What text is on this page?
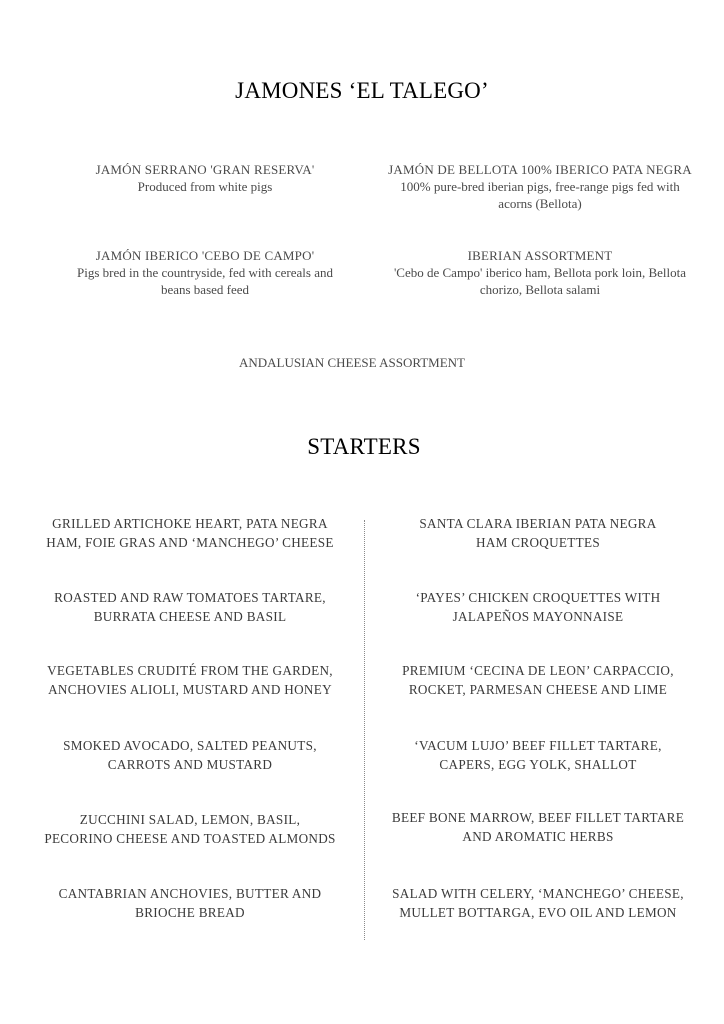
JAMONES ‘EL TALEGO’
JAMÓN SERRANO 'GRAN RESERVA'
Produced from white pigs
JAMÓN DE BELLOTA 100% IBERICO PATA NEGRA
100% pure-bred iberian pigs, free-range pigs fed with acorns (Bellota)
JAMÓN IBERICO 'CEBO DE CAMPO'
Pigs bred in the countryside, fed with cereals and beans based feed
IBERIAN ASSORTMENT
'Cebo de Campo' iberico ham, Bellota pork loin, Bellota chorizo, Bellota salami
ANDALUSIAN CHEESE ASSORTMENT
STARTERS
GRILLED ARTICHOKE HEART, PATA NEGRA
HAM, FOIE GRAS AND ‘MANCHEGO’ CHEESE
ROASTED AND RAW TOMATOES TARTARE,
BURRATA CHEESE AND BASIL
VEGETABLES CRUDITÉ FROM THE GARDEN,
ANCHOVIES ALIOLI, MUSTARD AND HONEY
SMOKED AVOCADO, SALTED PEANUTS,
CARROTS AND MUSTARD
ZUCCHINI SALAD, LEMON, BASIL,
PECORINO CHEESE AND TOASTED ALMONDS
CANTABRIAN ANCHOVIES, BUTTER AND
BRIOCHE BREAD
SANTA CLARA IBERIAN PATA NEGRA
HAM CROQUETTES
‘PAYES’ CHICKEN CROQUETTES WITH
JALAPEÑOS MAYONNAISE
PREMIUM ‘CECINA DE LEON’ CARPACCIO,
ROCKET, PARMESAN CHEESE AND LIME
‘VACUM LUJO’ BEEF FILLET TARTARE,
CAPERS, EGG YOLK, SHALLOT
BEEF BONE MARROW, BEEF FILLET TARTARE
AND AROMATIC HERBS
SALAD WITH CELERY, ‘MANCHEGO’ CHEESE,
MULLET BOTTARGA, EVO OIL AND LEMON
